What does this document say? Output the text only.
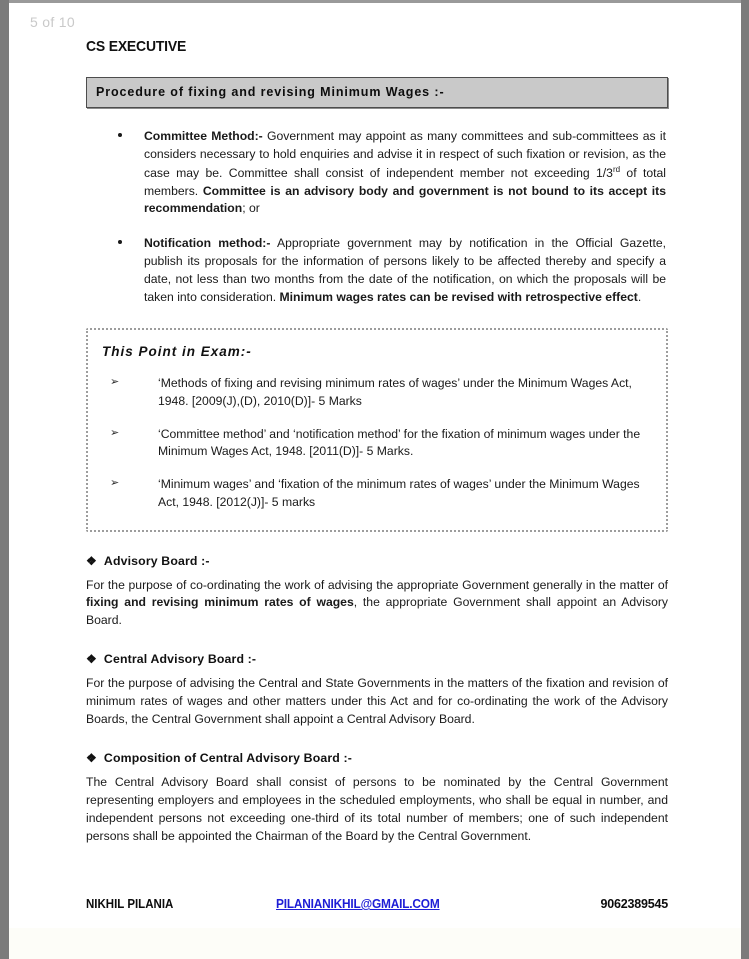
5 of 10
CS EXECUTIVE
Procedure of fixing and revising Minimum Wages :-
Committee Method:- Government may appoint as many committees and sub-committees as it considers necessary to hold enquiries and advise it in respect of such fixation or revision, as the case may be. Committee shall consist of independent member not exceeding 1/3rd of total members. Committee is an advisory body and government is not bound to its accept its recommendation; or
Notification method:- Appropriate government may by notification in the Official Gazette, publish its proposals for the information of persons likely to be affected thereby and specify a date, not less than two months from the date of the notification, on which the proposals will be taken into consideration. Minimum wages rates can be revised with retrospective effect.
This Point in Exam:-
➢	‘Methods of fixing and revising minimum rates of wages’ under the Minimum Wages Act, 1948. [2009(J),(D), 2010(D)]- 5 Marks
➢	‘Committee method’ and ‘notification method’ for the fixation of minimum wages under the Minimum Wages Act, 1948. [2011(D)]- 5 Marks.
➢	‘Minimum wages’ and ‘fixation of the minimum rates of wages’ under the Minimum Wages Act, 1948. [2012(J)]- 5 marks
❖ Advisory Board :-
For the purpose of co-ordinating the work of advising the appropriate Government generally in the matter of fixing and revising minimum rates of wages, the appropriate Government shall appoint an Advisory Board.
❖ Central Advisory Board :-
For the purpose of advising the Central and State Governments in the matters of the fixation and revision of minimum rates of wages and other matters under this Act and for co-ordinating the work of the Advisory Boards, the Central Government shall appoint a Central Advisory Board.
❖ Composition of Central Advisory Board :-
The Central Advisory Board shall consist of persons to be nominated by the Central Government representing employers and employees in the scheduled employments, who shall be equal in number, and independent persons not exceeding one-third of its total number of members; one of such independent persons shall be appointed the Chairman of the Board by the Central Government.
NIKHIL PILANIA	PILANIANIKHIL@GMAIL.COM	9062389545
